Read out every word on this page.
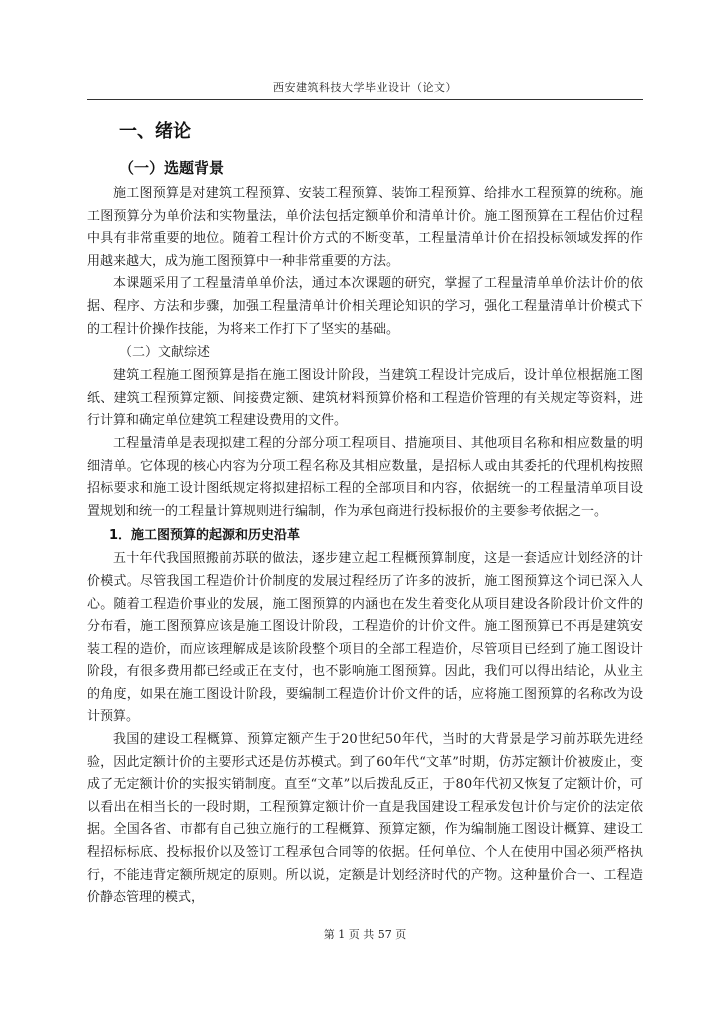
西安建筑科技大学毕业设计（论文）
一、绪论
（一）选题背景

施工图预算是对建筑工程预算、安装工程预算、装饰工程预算、给排水工程预算的统称。施工图预算分为单价法和实物量法，单价法包括定额单价和清单计价。施工图预算在工程估价过程中具有非常重要的地位。随着工程计价方式的不断变革，工程量清单计价在招投标领域发挥的作用越来越大，成为施工图预算中一种非常重要的方法。

本课题采用了工程量清单单价法，通过本次课题的研究，掌握了工程量清单单价法计价的依据、程序、方法和步骤，加强工程量清单计价相关理论知识的学习，强化工程量清单计价模式下的工程计价操作技能，为将来工作打下了坚实的基础。

（二）文献综述

建筑工程施工图预算是指在施工图设计阶段，当建筑工程设计完成后，设计单位根据施工图纸、建筑工程预算定额、间接费定额、建筑材料预算价格和工程造价管理的有关规定等资料，进行计算和确定单位建筑工程建设费用的文件。

工程量清单是表现拟建工程的分部分项工程项目、措施项目、其他项目名称和相应数量的明细清单。它体现的核心内容为分项工程名称及其相应数量，是招标人或由其委托的代理机构按照招标要求和施工设计图纸规定将拟建招标工程的全部项目和内容，依据统一的工程量清单项目设置规划和统一的工程量计算规则进行编制，作为承包商进行投标报价的主要参考依据之一。

1．施工图预算的起源和历史沿革

五十年代我国照搬前苏联的做法，逐步建立起工程概预算制度，这是一套适应计划经济的计价模式。尽管我国工程造价计价制度的发展过程经历了许多的波折，施工图预算这个词已深入人心。随着工程造价事业的发展，施工图预算的内涵也在发生着变化从项目建设各阶段计价文件的分布看，施工图预算应该是施工图设计阶段，工程造价的计价文件。施工图预算已不再是建筑安装工程的造价，而应该理解成是该阶段整个项目的全部工程造价，尽管项目已经到了施工图设计阶段，有很多费用都已经或正在支付，也不影响施工图预算。因此，我们可以得出结论，从业主的角度，如果在施工图设计阶段，要编制工程造价计价文件的话，应将施工图预算的名称改为设计预算。

我国的建设工程概算、预算定额产生于20世纪50年代，当时的大背景是学习前苏联先进经验，因此定额计价的主要形式还是仿苏模式。到了60年代“文革”时期，仿苏定额计价被废止，变成了无定额计价的实报实销制度。直至“文革”以后拨乱反正，于80年代初又恢复了定额计价，可以看出在相当长的一段时期，工程预算定额计价一直是我国建设工程承发包计价与定价的法定依据。全国各省、市都有自己独立施行的工程概算、预算定额，作为编制施工图设计概算、建设工程招标标底、投标报价以及签订工程承包合同等的依据。任何单位、个人在使用中国必须严格执行，不能违背定额所规定的原则。所以说，定额是计划经济时代的产物。这种量价合一、工程造价静态管理的模式，

第 1 页 共 57 页
